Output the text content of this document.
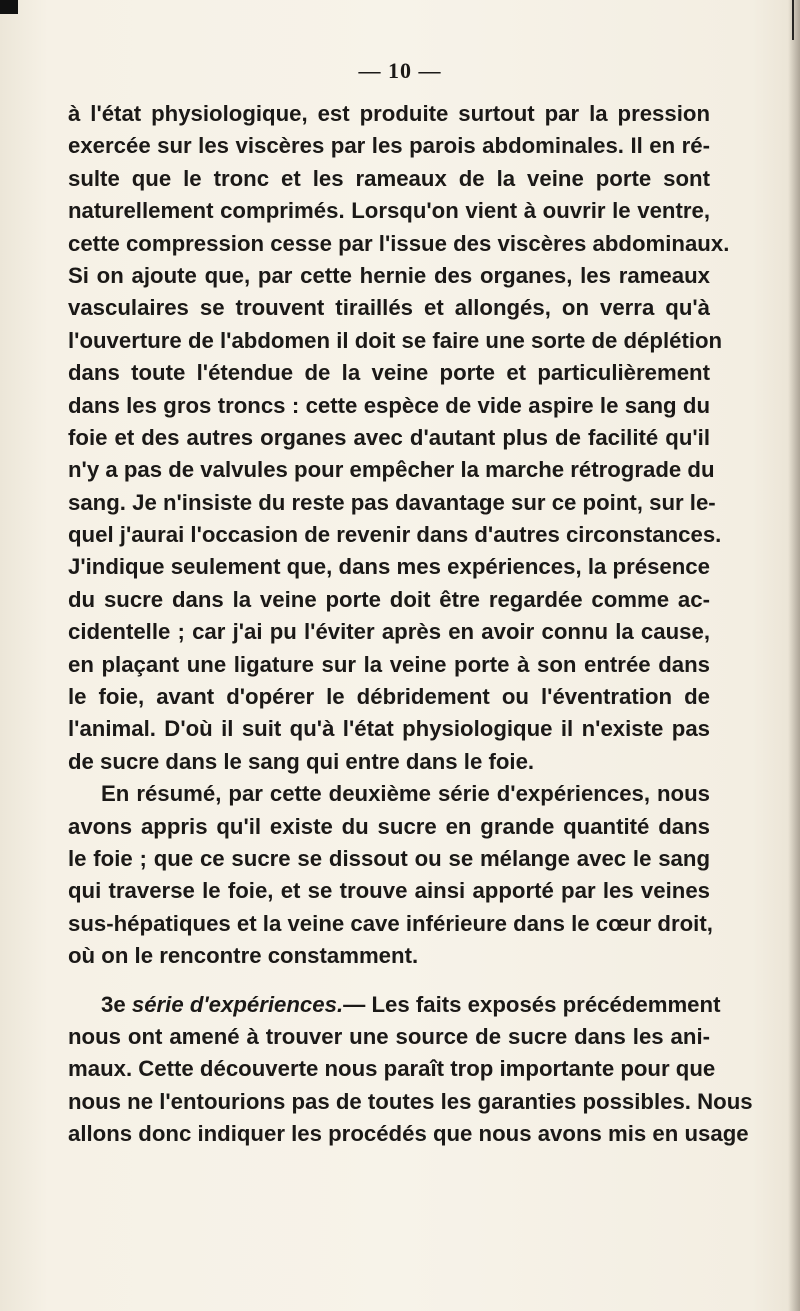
— 10 —
à l'état physiologique, est produite surtout par la pression
exercée sur les viscères par les parois abdominales. Il en ré-
sulte que le tronc et les rameaux de la veine porte sont
naturellement comprimés. Lorsqu'on vient à ouvrir le ventre,
cette compression cesse par l'issue des viscères abdominaux.
Si on ajoute que, par cette hernie des organes, les rameaux
vasculaires se trouvent tiraillés et allongés, on verra qu'à
l'ouverture de l'abdomen il doit se faire une sorte de déplétion
dans toute l'étendue de la veine porte et particulièrement
dans les gros troncs : cette espèce de vide aspire le sang du
foie et des autres organes avec d'autant plus de facilité qu'il
n'y a pas de valvules pour empêcher la marche rétrograde du
sang. Je n'insiste du reste pas davantage sur ce point, sur le-
quel j'aurai l'occasion de revenir dans d'autres circonstances.
J'indique seulement que, dans mes expériences, la présence
du sucre dans la veine porte doit être regardée comme ac-
cidentelle ; car j'ai pu l'éviter après en avoir connu la cause,
en plaçant une ligature sur la veine porte à son entrée dans
le foie, avant d'opérer le débridement ou l'éventration de
l'animal. D'où il suit qu'à l'état physiologique il n'existe pas
de sucre dans le sang qui entre dans le foie.
En résumé, par cette deuxième série d'expériences, nous
avons appris qu'il existe du sucre en grande quantité dans
le foie ; que ce sucre se dissout ou se mélange avec le sang
qui traverse le foie, et se trouve ainsi apporté par les veines
sus-hépatiques et la veine cave inférieure dans le cœur droit,
où on le rencontre constamment.
3e série d'expériences.— Les faits exposés précédemment
nous ont amené à trouver une source de sucre dans les ani-
maux. Cette découverte nous paraît trop importante pour que
nous ne l'entourions pas de toutes les garanties possibles. Nous
allons donc indiquer les procédés que nous avons mis en usage
